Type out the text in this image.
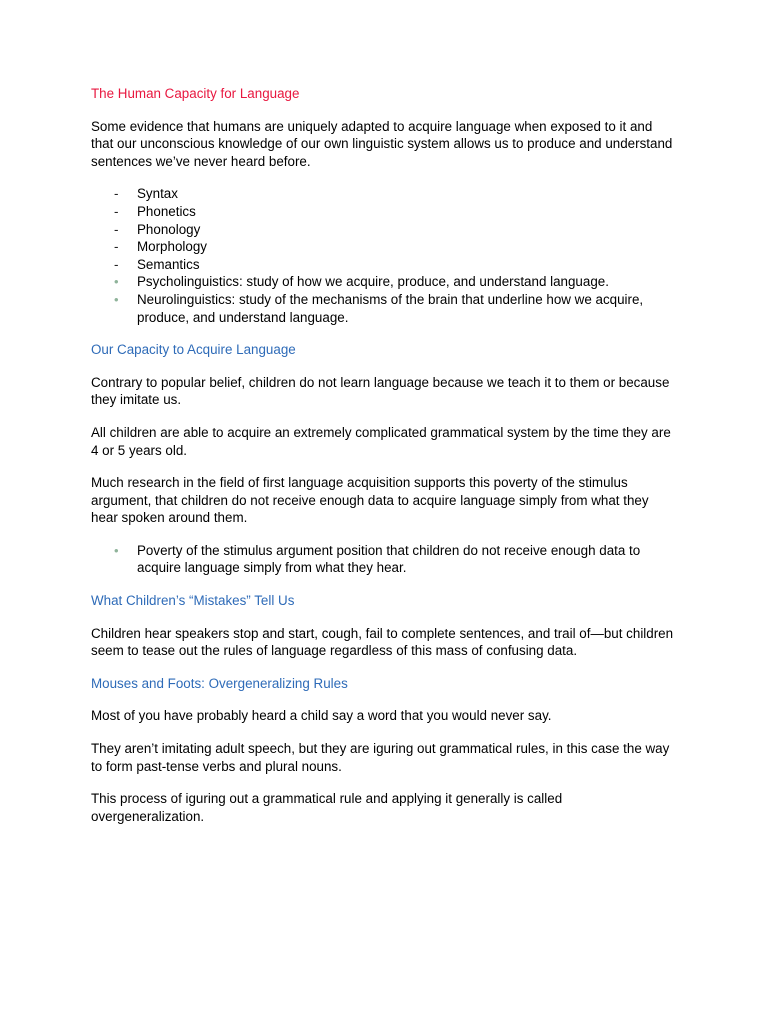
The Human Capacity for Language

Some evidence that humans are uniquely adapted to acquire language when exposed to it and that our unconscious knowledge of our own linguistic system allows us to produce and understand sentences we’ve never heard before.

-	Syntax
-	Phonetics
-	Phonology
-	Morphology
-	Semantics
•	Psycholinguistics: study of how we acquire, produce, and understand language.
•	Neurolinguistics: study of the mechanisms of the brain that underline how we acquire, produce, and understand language.
Our Capacity to Acquire Language

Contrary to popular belief, children do not learn language because we teach it to them or because they imitate us.

All children are able to acquire an extremely complicated grammatical system by the time they are 4 or 5 years old.

Much research in the field of first language acquisition supports this poverty of the stimulus argument, that children do not receive enough data to acquire language simply from what they hear spoken around them.

•	Poverty of the stimulus argument position that children do not receive enough data to acquire language simply from what they hear.
What Children’s “Mistakes” Tell Us

Children hear speakers stop and start, cough, fail to complete sentences, and trail of—but children seem to tease out the rules of language regardless of this mass of confusing data.

Mouses and Foots: Overgeneralizing Rules

Most of you have probably heard a child say a word that you would never say.

They aren’t imitating adult speech, but they are iguring out grammatical rules, in this case the way to form past-tense verbs and plural nouns.

This process of iguring out a grammatical rule and applying it generally is called overgeneralization.
